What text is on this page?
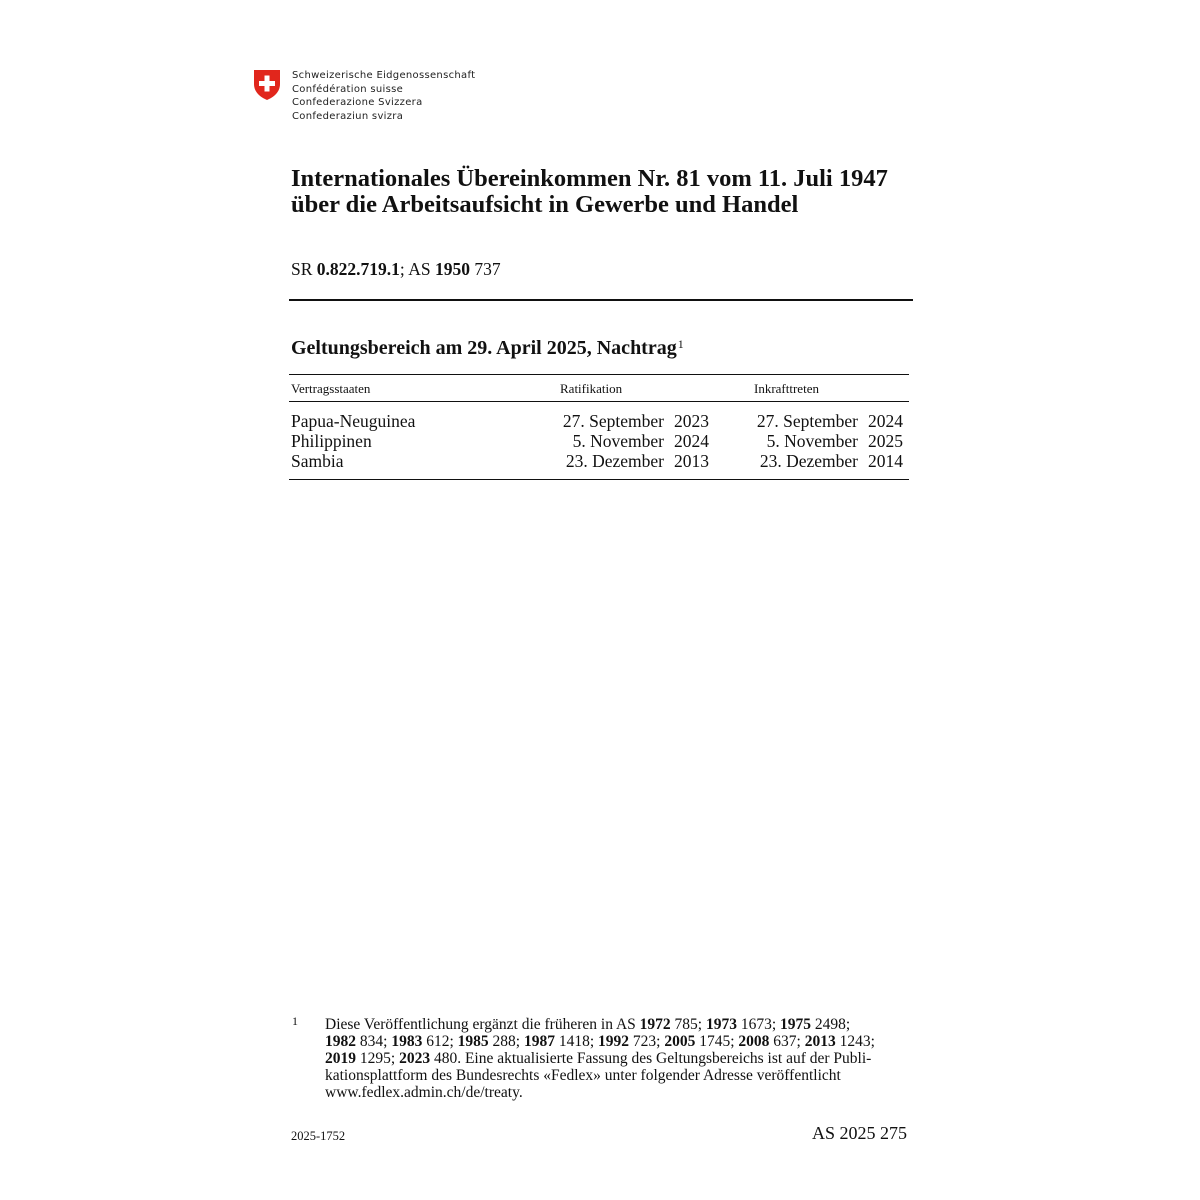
Schweizerische Eidgenossenschaft
Confédération suisse
Confederazione Svizzera
Confederaziun svizra
Internationales Übereinkommen Nr. 81 vom 11. Juli 1947
über die Arbeitsaufsicht in Gewerbe und Handel
SR 0.822.719.1; AS 1950 737
Geltungsbereich am 29. April 2025, Nachtrag$^1$
Vertragsstaaten	Ratifikation	Inkrafttreten
Papua-Neuguinea	27. September 2023	27. September 2024
Philippinen	5. November 2024	5. November 2025
Sambia	23. Dezember 2013	23. Dezember 2014
1 Diese Veröffentlichung ergänzt die früheren in AS 1972 785; 1973 1673; 1975 2498;
1982 834; 1983 612; 1985 288; 1987 1418; 1992 723; 2005 1745; 2008 637; 2013 1243;
2019 1295; 2023 480. Eine aktualisierte Fassung des Geltungsbereichs ist auf der Publi-
kationsplattform des Bundesrechts «Fedlex» unter folgender Adresse veröffentlicht
www.fedlex.admin.ch/de/treaty.
2025-1752	AS 2025 275
